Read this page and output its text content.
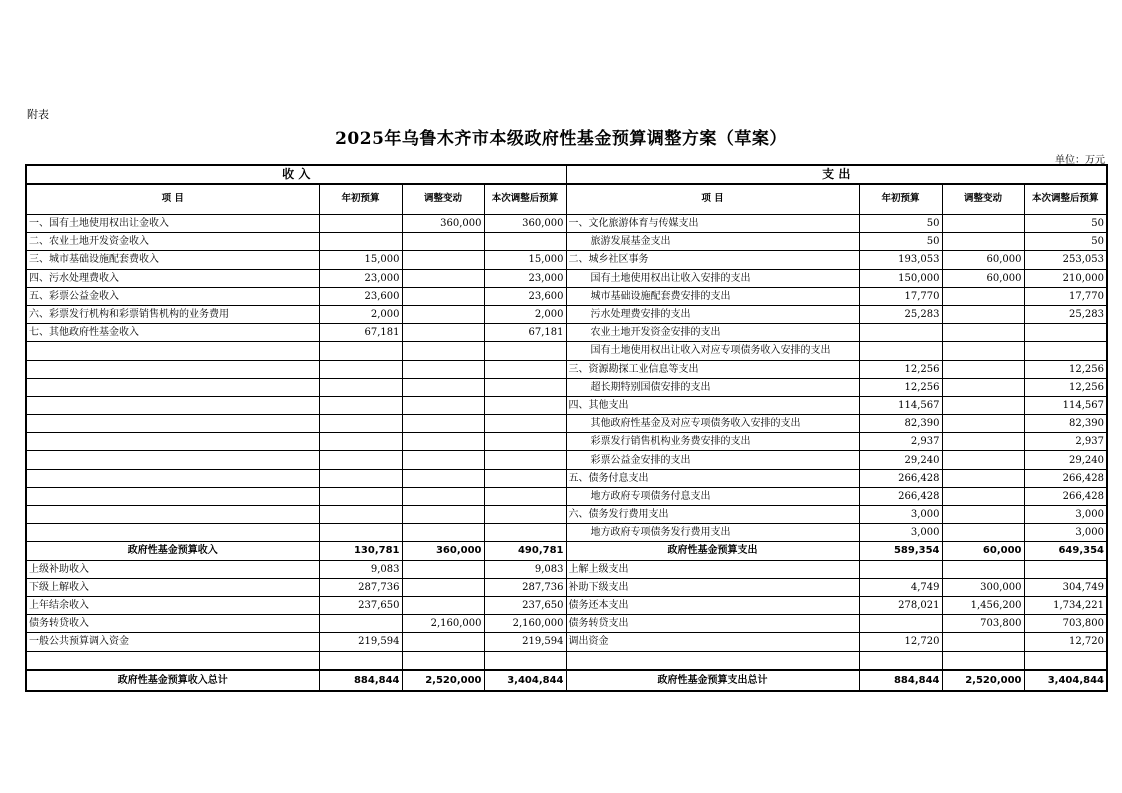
附表
2025年乌鲁木齐市本级政府性基金预算调整方案（草案）
单位：万元
收 入				支 出			
项 目	年初预算	调整变动	本次调整后预算	项 目	年初预算	调整变动	本次调整后预算
一、国有土地使用权出让金收入		360,000	360,000	一、文化旅游体育与传媒支出	50		50
二、农业土地开发资金收入				旅游发展基金支出	50		50
三、城市基础设施配套费收入	15,000		15,000	二、城乡社区事务	193,053	60,000	253,053
四、污水处理费收入	23,000		23,000	国有土地使用权出让收入安排的支出	150,000	60,000	210,000
五、彩票公益金收入	23,600		23,600	城市基础设施配套费安排的支出	17,770		17,770
六、彩票发行机构和彩票销售机构的业务费用	2,000		2,000	污水处理费安排的支出	25,283		25,283
七、其他政府性基金收入	67,181		67,181	农业土地开发资金安排的支出			
				国有土地使用权出让收入对应专项债务收入安排的支出			
				三、资源勘探工业信息等支出	12,256		12,256
				超长期特别国债安排的支出	12,256		12,256
				四、其他支出	114,567		114,567
				其他政府性基金及对应专项债务收入安排的支出	82,390		82,390
				彩票发行销售机构业务费安排的支出	2,937		2,937
				彩票公益金安排的支出	29,240		29,240
				五、债务付息支出	266,428		266,428
				地方政府专项债务付息支出	266,428		266,428
				六、债务发行费用支出	3,000		3,000
				地方政府专项债务发行费用支出	3,000		3,000
政府性基金预算收入	130,781	360,000	490,781	政府性基金预算支出	589,354	60,000	649,354
上级补助收入	9,083		9,083	上解上级支出			
下级上解收入	287,736		287,736	补助下级支出	4,749	300,000	304,749
上年结余收入	237,650		237,650	债务还本支出	278,021	1,456,200	1,734,221
债务转贷收入		2,160,000	2,160,000	债务转贷支出		703,800	703,800
一般公共预算调入资金	219,594		219,594	调出资金	12,720		12,720

政府性基金预算收入总计	884,844	2,520,000	3,404,844	政府性基金预算支出总计	884,844	2,520,000	3,404,844
